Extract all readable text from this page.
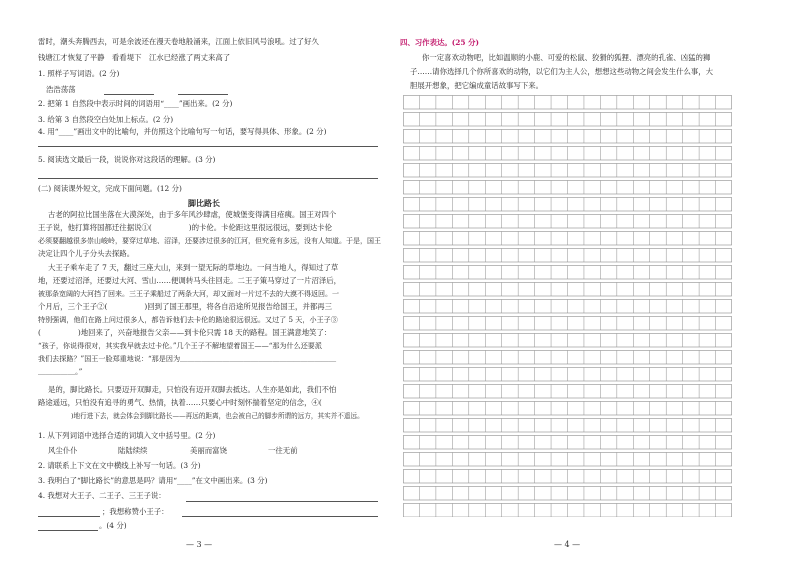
雷时，潮头奔腾西去，可是余波还在漫天卷地般涌来，江面上依旧风号浪吼。过了好久
钱塘江才恢复了平静　看看堤下　江水已经涨了两丈来高了
1. 照样子写词语。(2 分)
浩浩荡荡
2. 把第 1 自然段中表示时间的词语用“____”画出来。(2 分)
3. 给第 3 自然段空白处加上标点。(2 分)
4. 用“____”画出文中的比喻句，并仿照这个比喻句写一句话，要写得具体、形象。(2 分)
5. 阅读选文最后一段，说说你对这段话的理解。(3 分)
(二) 阅读课外短文，完成下面问题。(12 分)
脚比路长
古老的阿拉比国坐落在大漠深处，由于多年风沙肆虐，使城堡变得满目疮痍。国王对四个
王子说，他打算将国都迁往据说①(　　　　　)的卡伦。卡伦距这里很远很远，要到达卡伦
必须要翻越很多崇山峻岭，要穿过草地、沼泽，还要涉过很多的江河，但究竟有多远，没有人知道。于是，国王
决定让四个儿子分头去探路。
大王子乘车走了 7 天，翻过三座大山，来到一望无际的草地边。一问当地人，得知过了草
地，还要过沼泽，还要过大河、雪山……便调转马头往回走。二王子策马穿过了一片沼泽后，
被那条宽阔的大河挡了回来。三王子乘船过了两条大河，却又面对一片过不去的大漠不得返回。一
个月后，三个王子②(　　　　　)回到了国王那里，将各自沿途所见报告给国王，并都再三
特别强调，他们在路上问过很多人，都告诉他们去卡伦的路途很远很远。又过了 5 天，小王子③
(　　　　　)地回来了，兴奋地报告父亲——到卡伦只需 18 天的路程。国王满意地笑了：
“孩子，你说得很对，其实我早就去过卡伦。”几个王子不解地望着国王——“那为什么还要派
我们去探路？”国王一脸郑重地说：“那是因为＿＿＿＿＿＿＿＿＿＿＿＿＿＿＿＿＿＿＿＿＿＿
＿＿＿＿＿。”
是的，脚比路长。只要迈开双脚走，只怕没有迈开双脚去抵达。人生亦是如此，我们不怕
路途遥远，只怕没有追寻的勇气、热情，执着……只要心中时刻怀揣着坚定的信念，④(
　　　　　)地行进下去，就会体会到脚比路长——再远的距离，也会被自己的脚步所谓的远方，其实并不遥远。
1. 从下列词语中选择合适的词填入文中括号里。(2 分)
风尘仆仆	陆陆续续	美丽而富饶	一往无前
2. 请联系上下文在文中横线上补写一句话。(3 分)
3. 我明白了“脚比路长”的意思是吗？请用“____”在文中画出来。(3 分)
4. 我想对大王子、二王子、三王子说：
；我想称赞小王子：
。(4 分)
— 3 —
四、习作表达。(25 分)
你一定喜欢动物吧，比如温顺的小鹿、可爱的松鼠、狡猾的狐狸、漂亮的孔雀、凶猛的狮
子……请你选择几个你所喜欢的动物，以它们为主人公，想想这些动物之间会发生什么事，大
胆展开想象，把它编成童话故事写下来。
— 4 —
